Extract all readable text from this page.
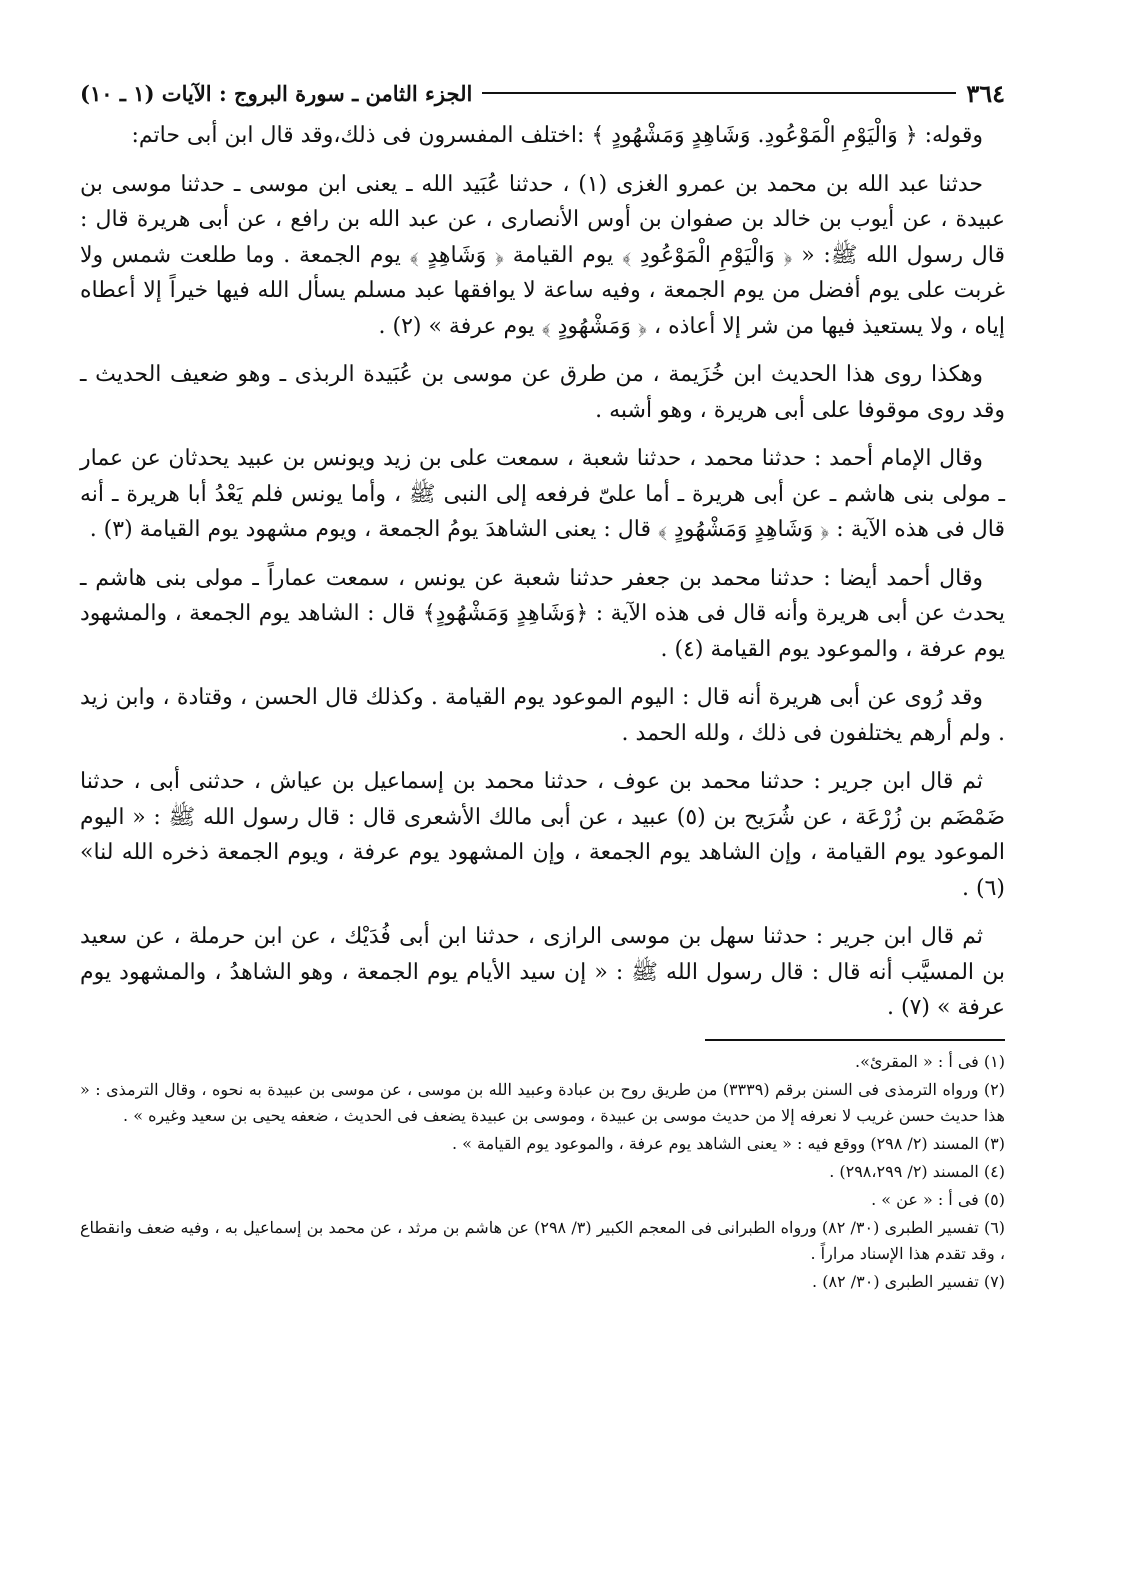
٣٦٤
الجزء الثامن ـ سورة البروج : الآيات (١ ـ ١٠)

وقوله: ﴿ وَالْيَوْمِ الْمَوْعُودِ. وَشَاهِدٍ وَمَشْهُودٍ ﴾ :اختلف المفسرون فى ذلك،وقد قال ابن أبى حاتم:

حدثنا عبد الله بن محمد بن عمرو الغزى (١) ، حدثنا عُبَيد الله ـ يعنى ابن موسى ـ حدثنا موسى بن عبيدة ، عن أيوب بن خالد بن صفوان بن أوس الأنصارى ، عن عبد الله بن رافع ، عن أبى هريرة قال : قال رسول الله ﷺ: « ﴿ وَالْيَوْمِ الْمَوْعُودِ ﴾ يوم القيامة ﴿ وَشَاهِدٍ ﴾ يوم الجمعة . وما طلعت شمس ولا غربت على يوم أفضل من يوم الجمعة ، وفيه ساعة لا يوافقها عبد مسلم يسأل الله فيها خيراً إلا أعطاه إياه ، ولا يستعيذ فيها من شر إلا أعاذه ، ﴿ وَمَشْهُودٍ ﴾ يوم عرفة » (٢) .

وهكذا روى هذا الحديث ابن خُزَيمة ، من طرق عن موسى بن عُبَيدة الربذى ـ وهو ضعيف الحديث ـ وقد روى موقوفا على أبى هريرة ، وهو أشبه .

وقال الإمام أحمد : حدثنا محمد ، حدثنا شعبة ، سمعت على بن زيد ويونس بن عبيد يحدثان عن عمار ـ مولى بنى هاشم ـ عن أبى هريرة ـ أما علىّ فرفعه إلى النبى ﷺ ، وأما يونس فلم يَعْدُ أبا هريرة ـ أنه قال فى هذه الآية : ﴿ وَشَاهِدٍ وَمَشْهُودٍ ﴾ قال : يعنى الشاهدَ يومُ الجمعة ، ويوم مشهود يوم القيامة (٣) .

وقال أحمد أيضا : حدثنا محمد بن جعفر حدثنا شعبة عن يونس ، سمعت عماراً ـ مولى بنى هاشم ـ يحدث عن أبى هريرة وأنه قال فى هذه الآية : ﴿وَشَاهِدٍ وَمَشْهُودٍ﴾ قال : الشاهد يوم الجمعة ، والمشهود يوم عرفة ، والموعود يوم القيامة (٤) .

وقد رُوى عن أبى هريرة أنه قال : اليوم الموعود يوم القيامة . وكذلك قال الحسن ، وقتادة ، وابن زيد . ولم أرهم يختلفون فى ذلك ، ولله الحمد .

ثم قال ابن جرير : حدثنا محمد بن عوف ، حدثنا محمد بن إسماعيل بن عياش ، حدثنى أبى ، حدثنا ضَمْضَم بن زُرْعَة ، عن شُرَيح بن (٥) عبيد ، عن أبى مالك الأشعرى قال : قال رسول الله ﷺ : « اليوم الموعود يوم القيامة ، وإن الشاهد يوم الجمعة ، وإن المشهود يوم عرفة ، ويوم الجمعة ذخره الله لنا» (٦) .

ثم قال ابن جرير : حدثنا سهل بن موسى الرازى ، حدثنا ابن أبى فُدَيْك ، عن ابن حرملة ، عن سعيد بن المسيَّب أنه قال : قال رسول الله ﷺ : « إن سيد الأيام يوم الجمعة ، وهو الشاهدُ ، والمشهود يوم عرفة » (٧) .

(١) فى أ : « المقرئ».

(٢) ورواه الترمذى فى السنن برقم (٣٣٣٩) من طريق روح بن عبادة وعبيد الله بن موسى ، عن موسى بن عبيدة به نحوه ، وقال الترمذى : « هذا حديث حسن غريب لا نعرفه إلا من حديث موسى بن عبيدة ، وموسى بن عبيدة يضعف فى الحديث ، ضعفه يحيى بن سعيد وغيره » .

(٣) المسند (٢/ ٢٩٨) ووقع فيه : « يعنى الشاهد يوم عرفة ، والموعود يوم القيامة » .

(٤) المسند (٢/ ٢٩٨،٢٩٩) .

(٥) فى أ : « عن » .

(٦) تفسير الطبرى (٣٠/ ٨٢) ورواه الطبرانى فى المعجم الكبير (٣/ ٢٩٨) عن هاشم بن مرثد ، عن محمد بن إسماعيل به ، وفيه ضعف وانقطاع ، وقد تقدم هذا الإسناد مراراً .

(٧) تفسير الطبرى (٣٠/ ٨٢) .
